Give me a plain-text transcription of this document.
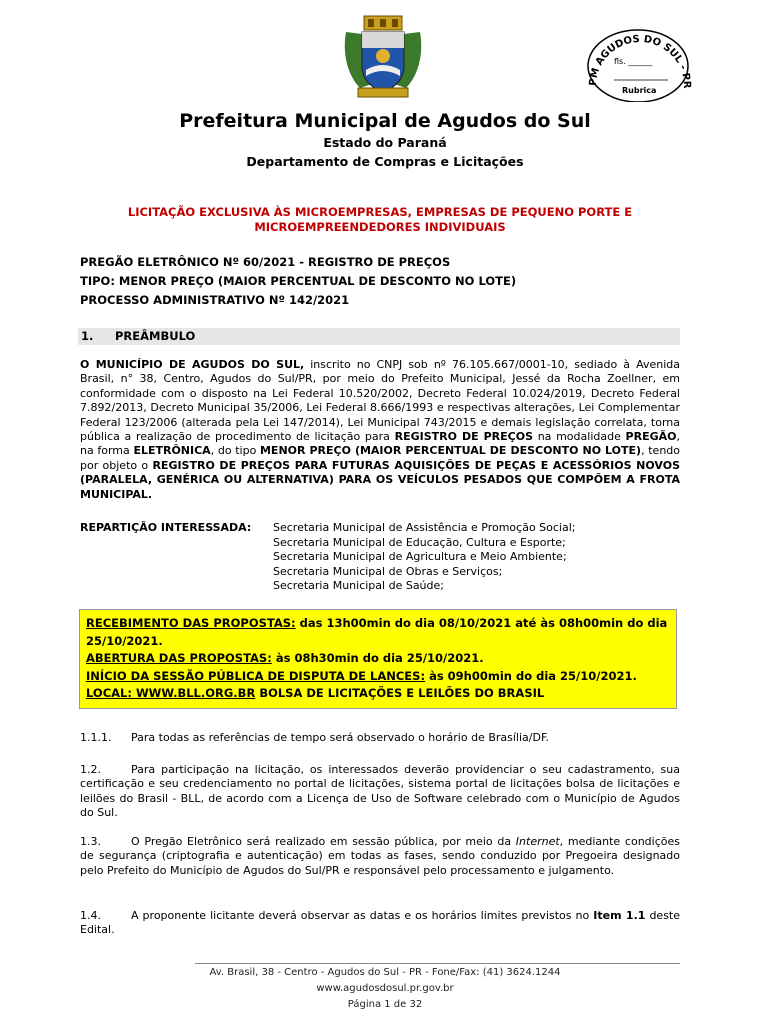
PM AGUDOS DO SUL - PR
fls. ______
Rubrica
Prefeitura Municipal de Agudos do Sul
Estado do Paraná
Departamento de Compras e Licitações
LICITAÇÃO EXCLUSIVA ÀS MICROEMPRESAS, EMPRESAS DE PEQUENO PORTE E
MICROEMPREENDEDORES INDIVIDUAIS
PREGÃO ELETRÔNICO Nº 60/2021 - REGISTRO DE PREÇOS
TIPO: MENOR PREÇO (MAIOR PERCENTUAL DE DESCONTO NO LOTE)
PROCESSO ADMINISTRATIVO Nº 142/2021
1. PREÂMBULO
O MUNICÍPIO DE AGUDOS DO SUL, inscrito no CNPJ sob nº 76.105.667/0001-10, sediado à Avenida Brasil, n° 38, Centro, Agudos do Sul/PR, por meio do Prefeito Municipal, Jessé da Rocha Zoellner, em conformidade com o disposto na Lei Federal 10.520/2002, Decreto Federal 10.024/2019, Decreto Federal 7.892/2013, Decreto Municipal 35/2006, Lei Federal 8.666/1993 e respectivas alterações, Lei Complementar Federal 123/2006 (alterada pela Lei 147/2014), Lei Municipal 743/2015 e demais legislação correlata, torna pública a realização de procedimento de licitação para REGISTRO DE PREÇOS na modalidade PREGÃO, na forma ELETRÔNICA, do tipo MENOR PREÇO (MAIOR PERCENTUAL DE DESCONTO NO LOTE), tendo por objeto o REGISTRO DE PREÇOS PARA FUTURAS AQUISIÇÕES DE PEÇAS E ACESSÓRIOS NOVOS (PARALELA, GENÉRICA OU ALTERNATIVA) PARA OS VEÍCULOS PESADOS QUE COMPÕEM A FROTA MUNICIPAL.
REPARTIÇÃO INTERESSADA: Secretaria Municipal de Assistência e Promoção Social;
Secretaria Municipal de Educação, Cultura e Esporte;
Secretaria Municipal de Agricultura e Meio Ambiente;
Secretaria Municipal de Obras e Serviços;
Secretaria Municipal de Saúde;
RECEBIMENTO DAS PROPOSTAS: das 13h00min do dia 08/10/2021 até às 08h00min do dia 25/10/2021.
ABERTURA DAS PROPOSTAS: às 08h30min do dia 25/10/2021.
INÍCIO DA SESSÃO PÚBLICA DE DISPUTA DE LANCES: às 09h00min do dia 25/10/2021.
LOCAL: WWW.BLL.ORG.BR BOLSA DE LICITAÇÕES E LEILÕES DO BRASIL
1.1.1. Para todas as referências de tempo será observado o horário de Brasília/DF.
1.2.	Para participação na licitação, os interessados deverão providenciar o seu cadastramento, sua certificação e seu credenciamento no portal de licitações, sistema portal de licitações bolsa de licitações e leilões do Brasil - BLL, de acordo com a Licença de Uso de Software celebrado com o Município de Agudos do Sul.
1.3.	O Pregão Eletrônico será realizado em sessão pública, por meio da Internet, mediante condições de segurança (criptografia e autenticação) em todas as fases, sendo conduzido por Pregoeira designado pelo Prefeito do Município de Agudos do Sul/PR e responsável pelo processamento e julgamento.
1.4.	A proponente licitante deverá observar as datas e os horários limites previstos no Item 1.1 deste Edital.
Av. Brasil, 38 - Centro - Agudos do Sul - PR - Fone/Fax: (41) 3624.1244
www.agudosdosul.pr.gov.br
Página 1 de 32
